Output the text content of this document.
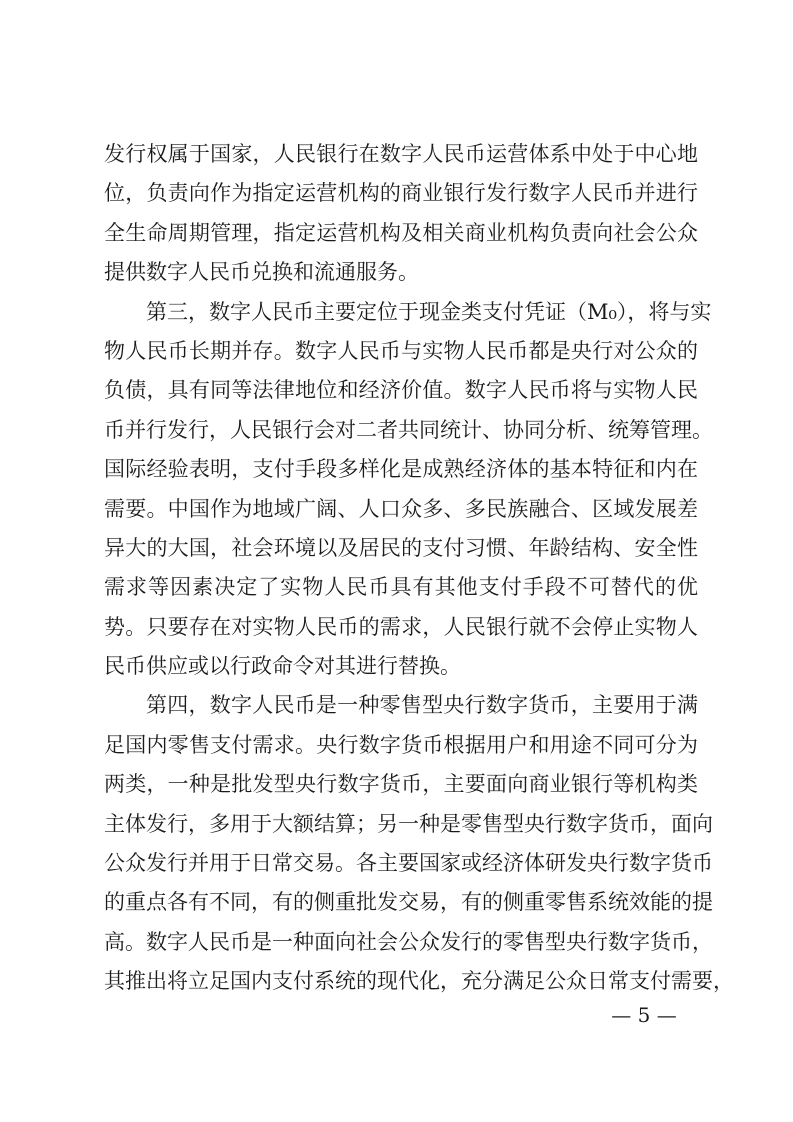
发行权属于国家，人民银行在数字人民币运营体系中处于中心地
位，负责向作为指定运营机构的商业银行发行数字人民币并进行
全生命周期管理，指定运营机构及相关商业机构负责向社会公众
提供数字人民币兑换和流通服务。
第三，数字人民币主要定位于现金类支付凭证（M₀），将与实
物人民币长期并存。数字人民币与实物人民币都是央行对公众的
负债，具有同等法律地位和经济价值。数字人民币将与实物人民
币并行发行，人民银行会对二者共同统计、协同分析、统筹管理。
国际经验表明，支付手段多样化是成熟经济体的基本特征和内在
需要。中国作为地域广阔、人口众多、多民族融合、区域发展差
异大的大国，社会环境以及居民的支付习惯、年龄结构、安全性
需求等因素决定了实物人民币具有其他支付手段不可替代的优
势。只要存在对实物人民币的需求，人民银行就不会停止实物人
民币供应或以行政命令对其进行替换。
第四，数字人民币是一种零售型央行数字货币，主要用于满
足国内零售支付需求。央行数字货币根据用户和用途不同可分为
两类，一种是批发型央行数字货币，主要面向商业银行等机构类
主体发行，多用于大额结算；另一种是零售型央行数字货币，面向
公众发行并用于日常交易。各主要国家或经济体研发央行数字货币
的重点各有不同，有的侧重批发交易，有的侧重零售系统效能的提
高。数字人民币是一种面向社会公众发行的零售型央行数字货币，
其推出将立足国内支付系统的现代化，充分满足公众日常支付需要，
— 5 —
